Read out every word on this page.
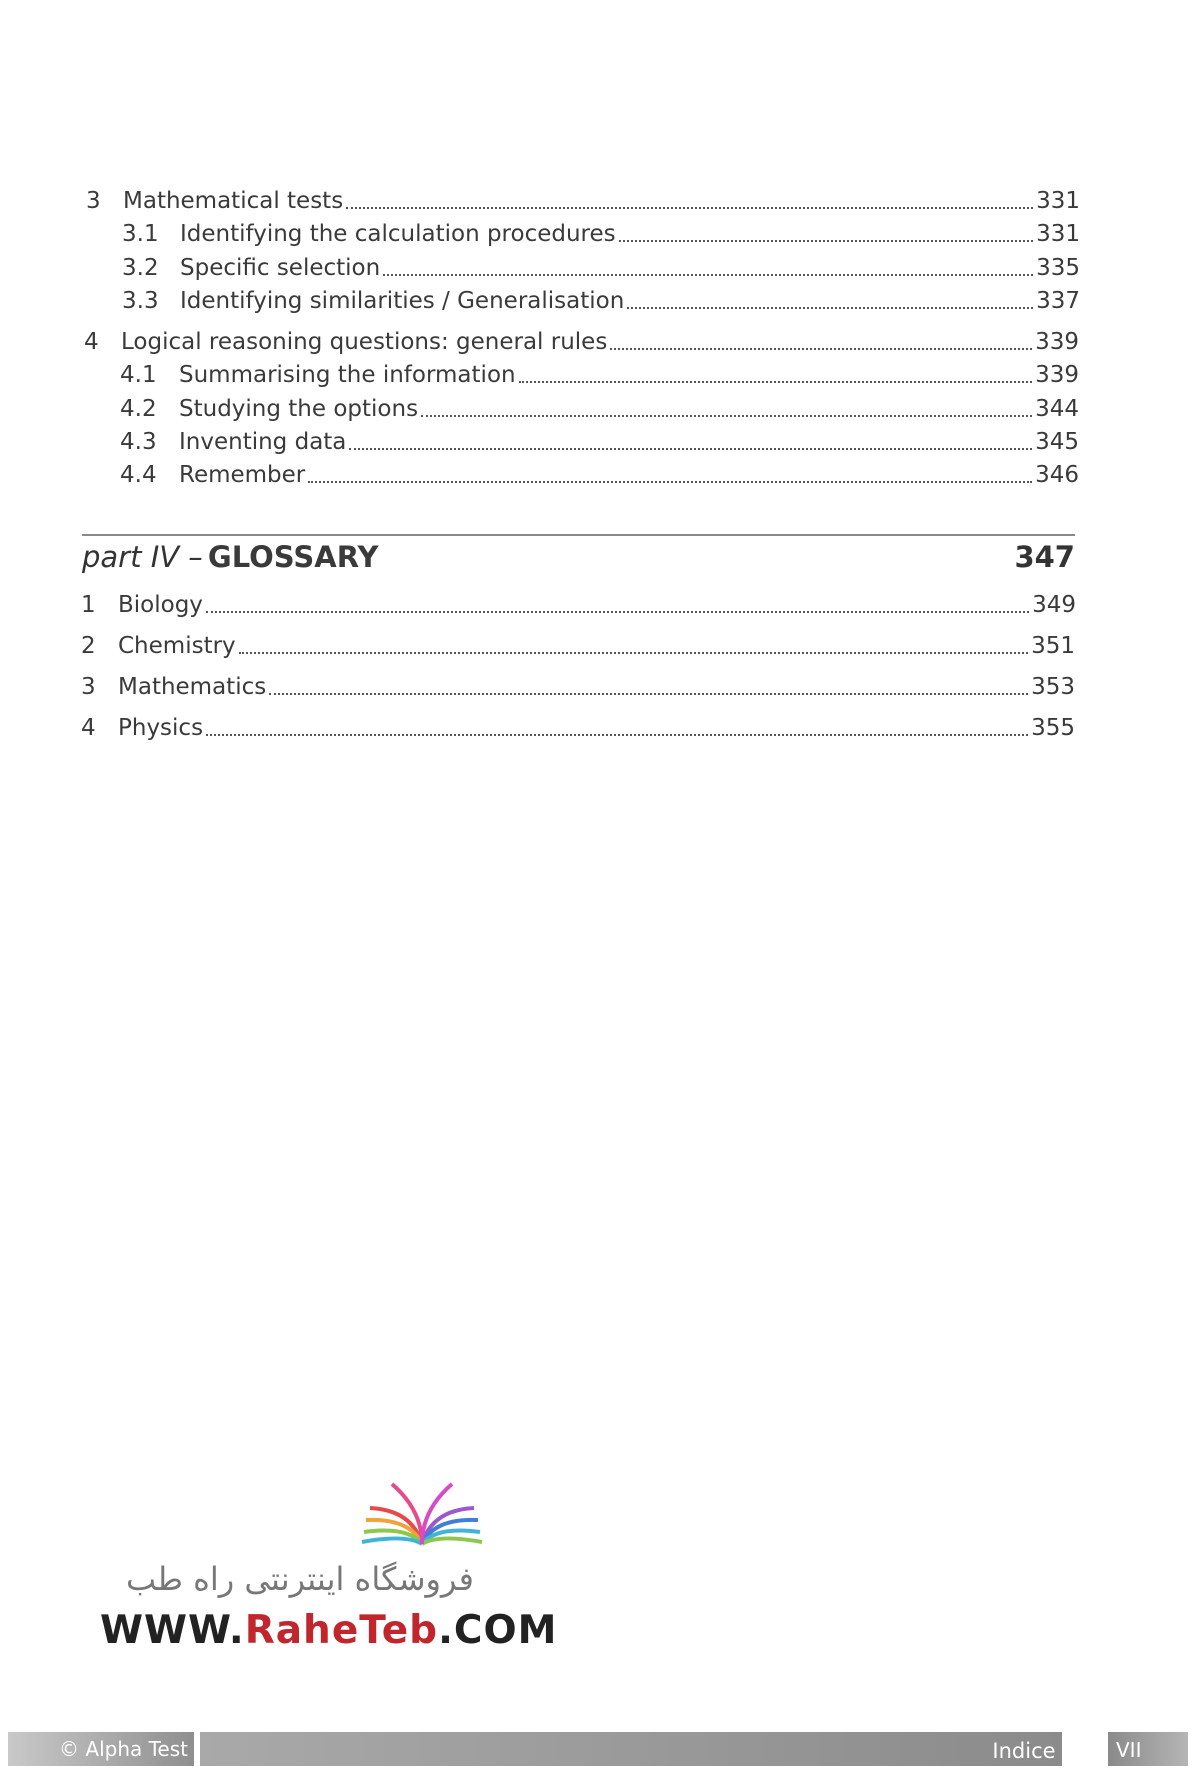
3 Mathematical tests	331
3.1 Identifying the calculation procedures	331
3.2 Specific selection	335
3.3 Identifying similarities / Generalisation	337
4 Logical reasoning questions: general rules	339
4.1 Summarising the information	339
4.2 Studying the options	344
4.3 Inventing data	345
4.4 Remember	346
part IV – GLOSSARY	347
1 Biology	349
2 Chemistry	351
3 Mathematics	353
4 Physics	355
فروشگاه اینترنتی راه طب
WWW.RaheTeb.COM
© Alpha Test	Indice	VII
